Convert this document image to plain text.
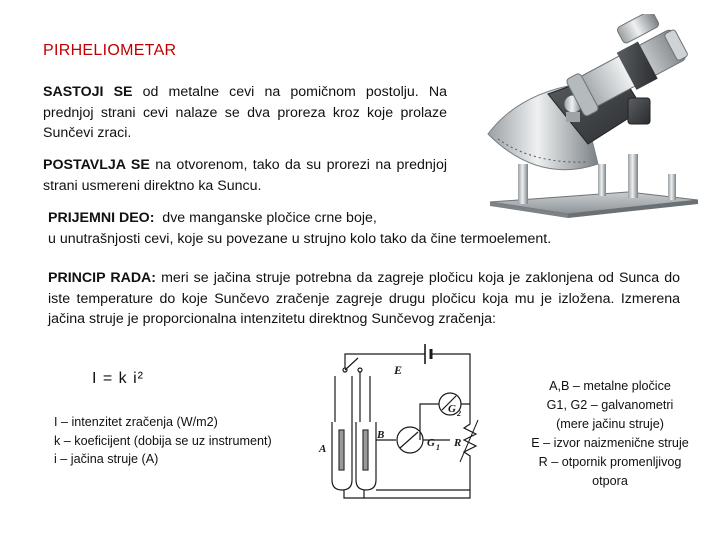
PIRHELIOMETAR
SASTOJI SE od metalne cevi na pomičnom postolju. Na prednjoj strani cevi nalaze se dva proreza kroz koje prolaze Sunčevi zraci.
POSTAVLJA SE na otvorenom, tako da su prorezi na prednjoj strani usmereni direktno ka Suncu.
PRIJEMNI DEO:  dve manganske pločice crne boje,
u unutrašnjosti cevi, koje su povezane u strujno kolo tako da čine termoelement.
PRINCIP RADA: meri se jačina struje potrebna da zagreje pločicu koja je zaklonjena od Sunca do iste temperature do koje Sunčevo zračenje zagreje drugu pločicu koja mu je izložena. Izmerena jačina struje je proporcionalna intenzitetu direktnog Sunčevog zračenja:
I = k i²
I – intenzitet zračenja (W/m2)
k – koeficijent (dobija se uz instrument)
i – jačina struje (A)
A,B – metalne pločice
G1, G2 – galvanometri
(mere jačinu struje)
E – izvor naizmenične struje
R – otpornik promenljivog
otpora
E
G 2
G 1 R
A
B
